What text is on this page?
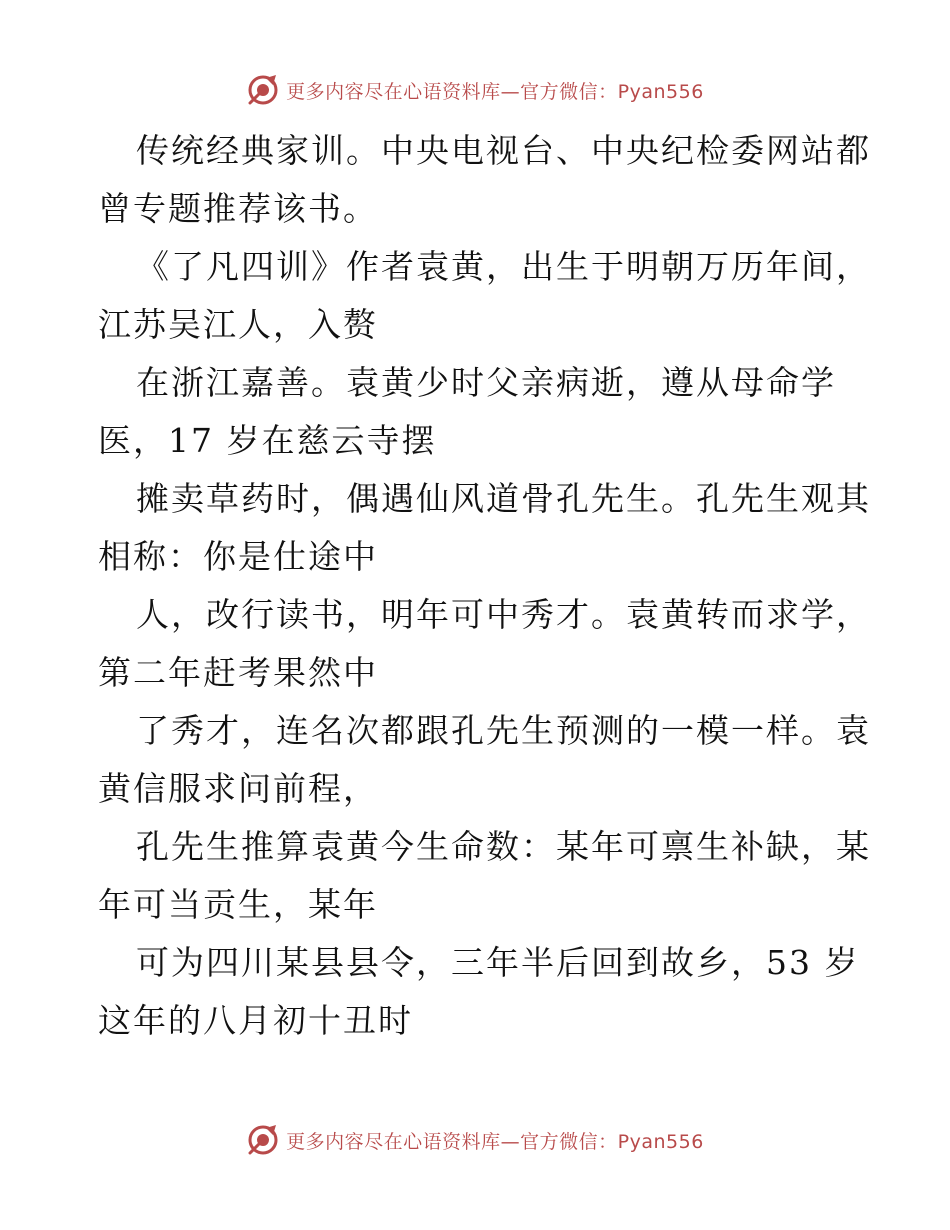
更多内容尽在心语资料库—官方微信：Pyan556

传统经典家训。中央电视台、中央纪检委网站都

曾专题推荐该书。

《了凡四训》作者袁黄，出生于明朝万历年间，

江苏吴江人，入赘

在浙江嘉善。袁黄少时父亲病逝，遵从母命学

医，17 岁在慈云寺摆

摊卖草药时，偶遇仙风道骨孔先生。孔先生观其

相称：你是仕途中

人，改行读书，明年可中秀才。袁黄转而求学，

第二年赶考果然中

了秀才，连名次都跟孔先生预测的一模一样。袁

黄信服求问前程，

孔先生推算袁黄今生命数：某年可禀生补缺，某

年可当贡生，某年

可为四川某县县令，三年半后回到故乡，53 岁

这年的八月初十丑时

更多内容尽在心语资料库—官方微信：Pyan556
